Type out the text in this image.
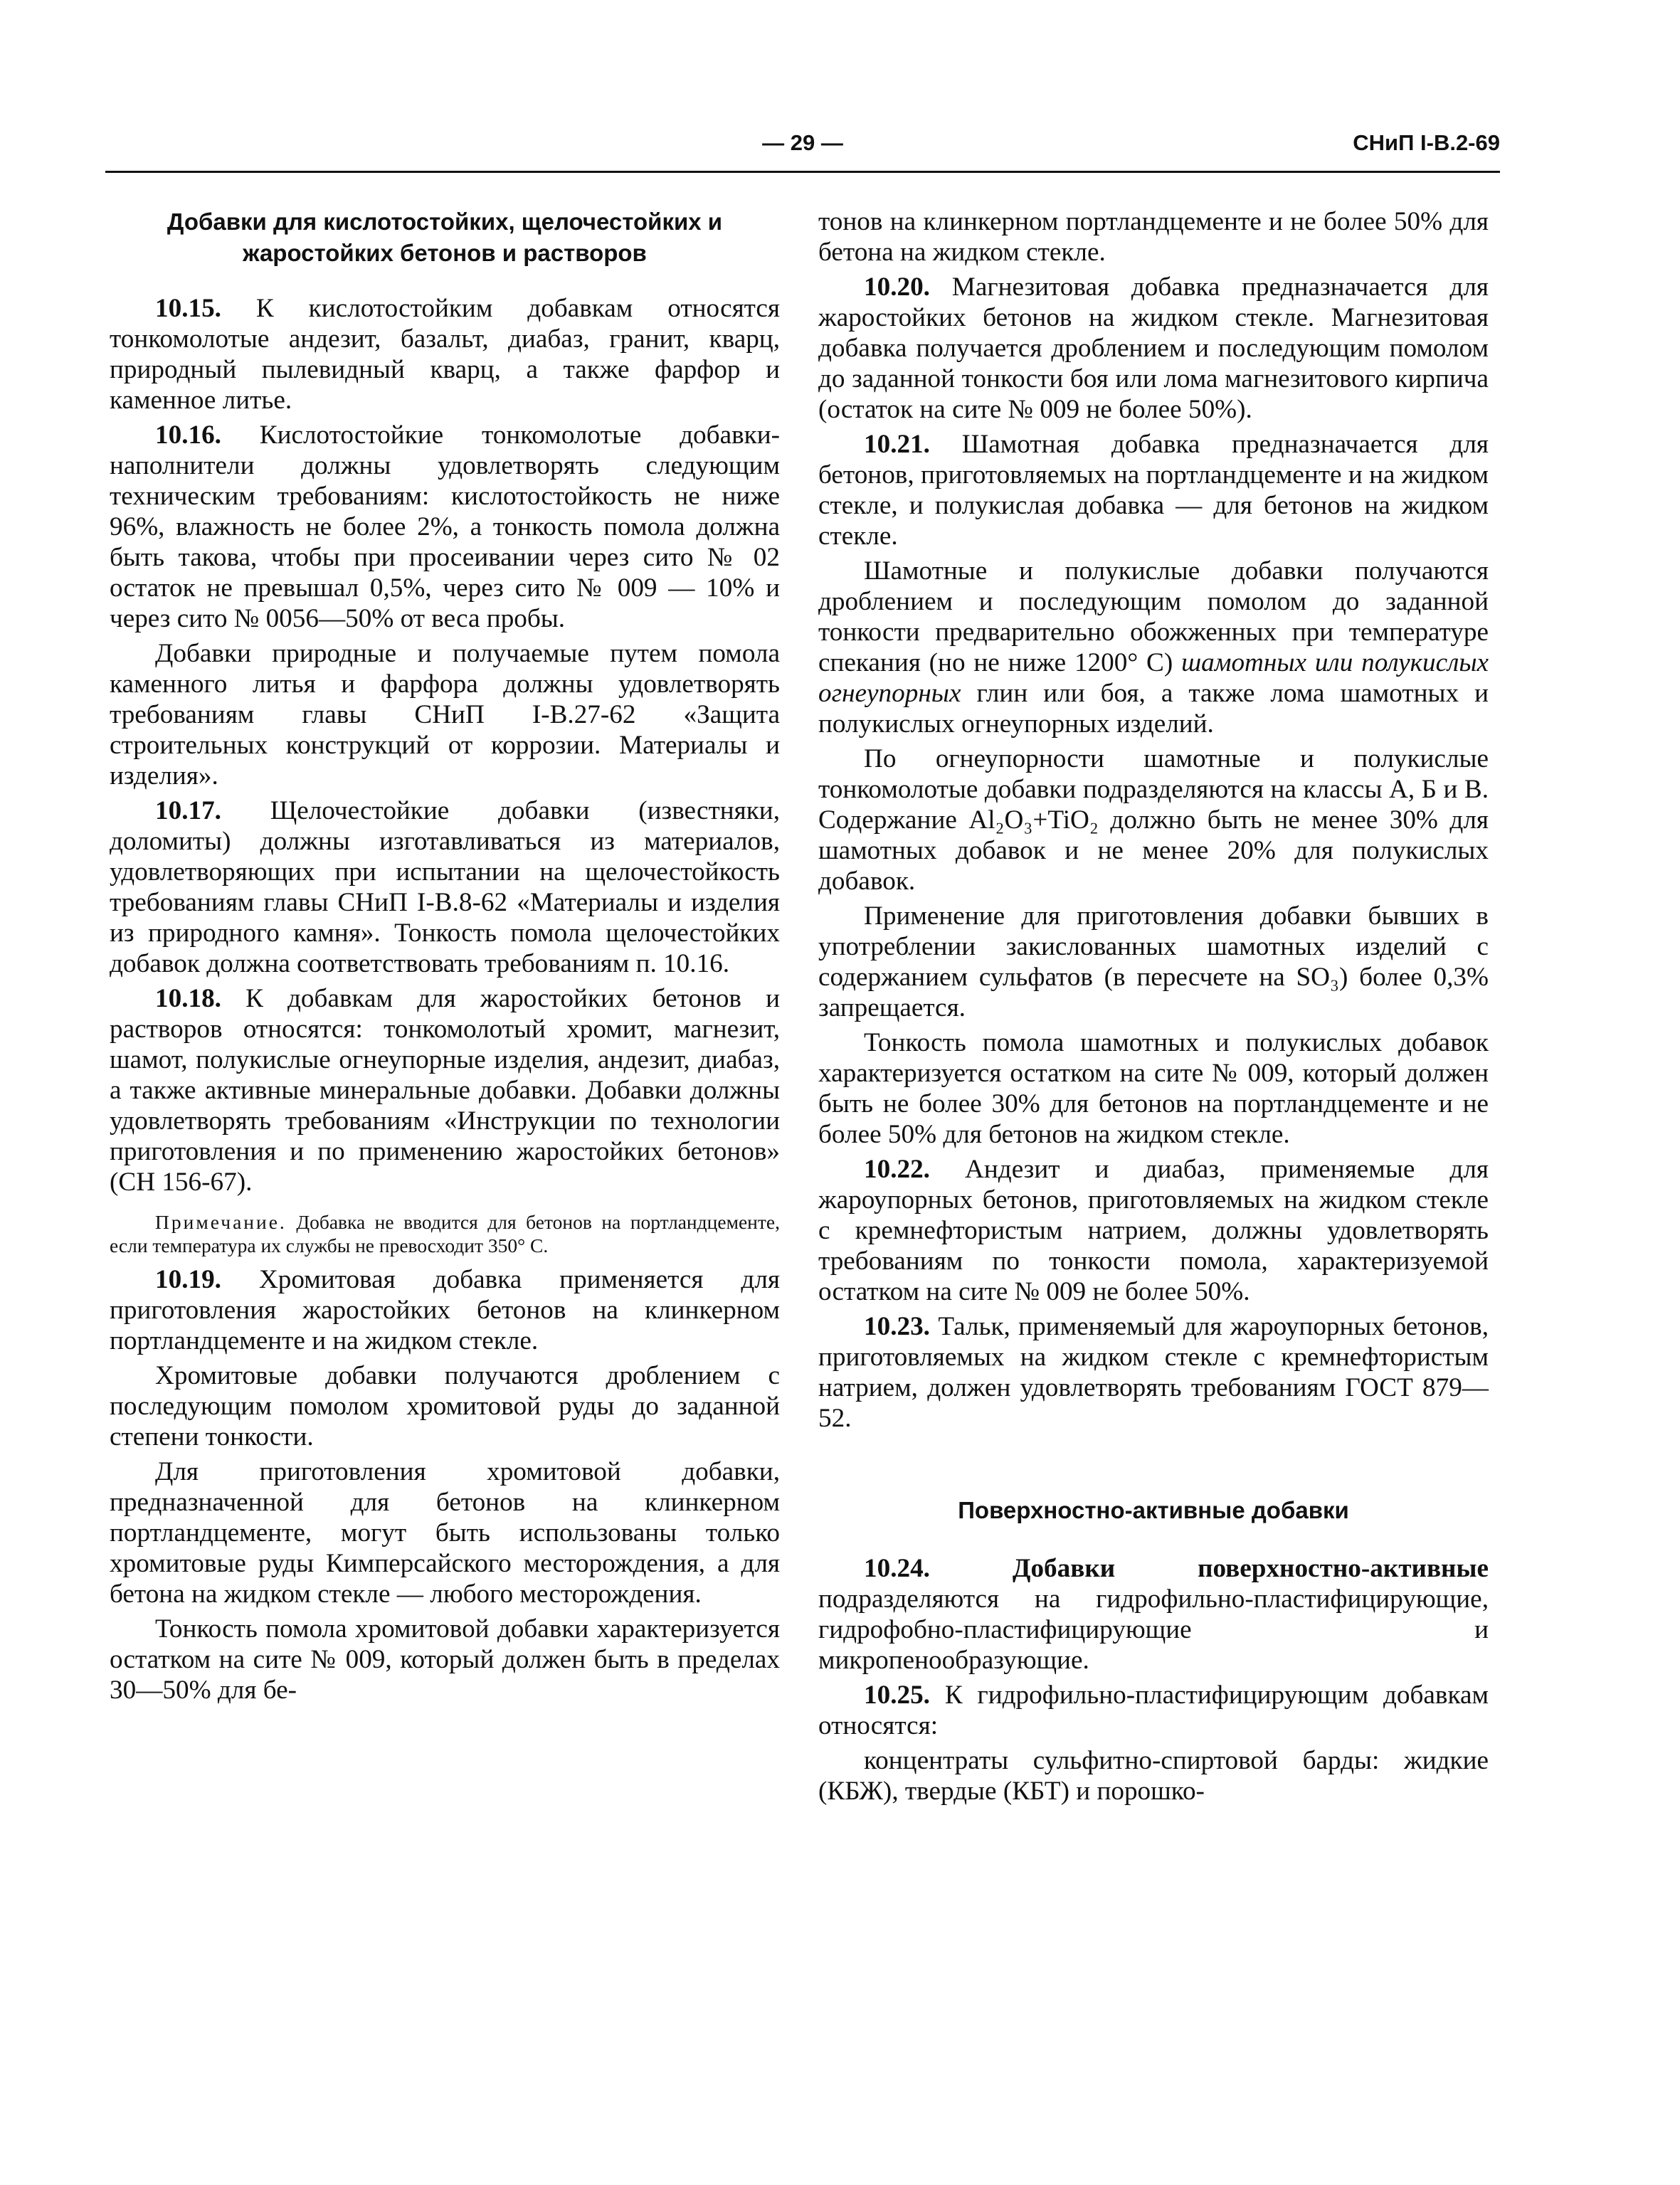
— 29 —	СНиП I-В.2-69
Добавки для кислотостойких, щелочестойких и жаростойких бетонов и растворов

10.15. К кислотостойким добавкам относятся тонкомолотые андезит, базальт, диабаз, гранит, кварц, природный пылевидный кварц, а также фарфор и каменное литье.

10.16. Кислотостойкие тонкомолотые добавки-наполнители должны удовлетворять следующим техническим требованиям: кислотостойкость не ниже 96%, влажность не более 2%, а тонкость помола должна быть такова, чтобы при просеивании через сито № 02 остаток не превышал 0,5%, через сито № 009 — 10% и через сито № 0056—50% от веса пробы.

Добавки природные и получаемые путем помола каменного литья и фарфора должны удовлетворять требованиям главы СНиП I-В.27-62 «Защита строительных конструкций от коррозии. Материалы и изделия».

10.17. Щелочестойкие добавки (известняки, доломиты) должны изготавливаться из материалов, удовлетворяющих при испытании на щелочестойкость требованиям главы СНиП I-В.8-62 «Материалы и изделия из природного камня». Тонкость помола щелочестойких добавок должна соответствовать требованиям п. 10.16.

10.18. К добавкам для жаростойких бетонов и растворов относятся: тонкомолотый хромит, магнезит, шамот, полукислые огнеупорные изделия, андезит, диабаз, а также активные минеральные добавки. Добавки должны удовлетворять требованиям «Инструкции по технологии приготовления и по применению жаростойких бетонов» (СН 156-67).

Примечание. Добавка не вводится для бетонов на портландцементе, если температура их службы не превосходит 350° С.

10.19. Хромитовая добавка применяется для приготовления жаростойких бетонов на клинкерном портландцементе и на жидком стекле.

Хромитовые добавки получаются дроблением с последующим помолом хромитовой руды до заданной степени тонкости.

Для приготовления хромитовой добавки, предназначенной для бетонов на клинкерном портландцементе, могут быть использованы только хромитовые руды Кимперсайского месторождения, а для бетона на жидком стекле — любого месторождения.

Тонкость помола хромитовой добавки характеризуется остатком на сите № 009, который должен быть в пределах 30—50% для бе-

тонов на клинкерном портландцементе и не более 50% для бетона на жидком стекле.

10.20. Магнезитовая добавка предназначается для жаростойких бетонов на жидком стекле. Магнезитовая добавка получается дроблением и последующим помолом до заданной тонкости боя или лома магнезитового кирпича (остаток на сите № 009 не более 50%).

10.21. Шамотная добавка предназначается для бетонов, приготовляемых на портландцементе и на жидком стекле, и полукислая добавка — для бетонов на жидком стекле.

Шамотные и полукислые добавки получаются дроблением и последующим помолом до заданной тонкости предварительно обожженных при температуре спекания (но не ниже 1200° С) шамотных или полукислых огнеупорных глин или боя, а также лома шамотных и полукислых огнеупорных изделий.

По огнеупорности шамотные и полукислые тонкомолотые добавки подразделяются на классы А, Б и В. Содержание Al₂O₃+TiO₂ должно быть не менее 30% для шамотных добавок и не менее 20% для полукислых добавок.

Применение для приготовления добавки бывших в употреблении закислованных шамотных изделий с содержанием сульфатов (в пересчете на SO₃) более 0,3% запрещается.

Тонкость помола шамотных и полукислых добавок характеризуется остатком на сите № 009, который должен быть не более 30% для бетонов на портландцементе и не более 50% для бетонов на жидком стекле.

10.22. Андезит и диабаз, применяемые для жароупорных бетонов, приготовляемых на жидком стекле с кремнефтористым натрием, должны удовлетворять требованиям по тонкости помола, характеризуемой остатком на сите № 009 не более 50%.

10.23. Тальк, применяемый для жароупорных бетонов, приготовляемых на жидком стекле с кремнефтористым натрием, должен удовлетворять требованиям ГОСТ 879—52.

Поверхностно-активные добавки

10.24. Добавки поверхностно-активные подразделяются на гидрофильно-пластифицирующие, гидрофобно-пластифицирующие и микропенообразующие.

10.25. К гидрофильно-пластифицирующим добавкам относятся:

концентраты сульфитно-спиртовой барды: жидкие (КБЖ), твердые (КБТ) и порошко-
